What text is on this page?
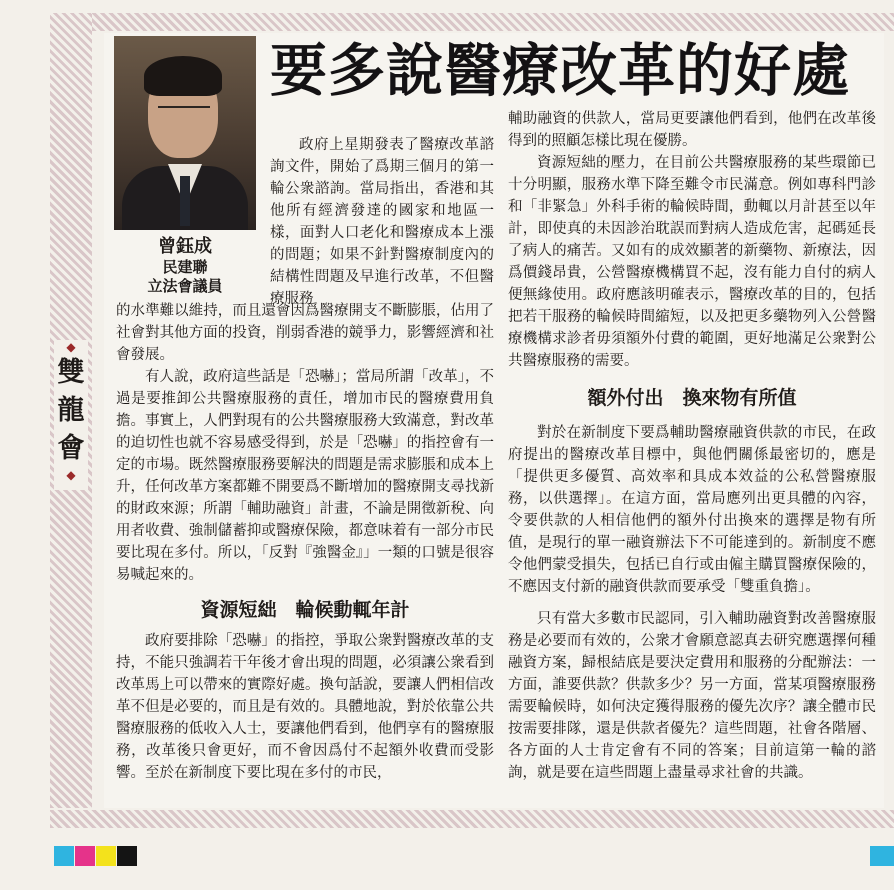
◆
雙
龍
會
◆
曾鈺成
民建聯
立法會議員
要多說醫療改革的好處

政府上星期發表了醫療改革諮詢文件，開始了爲期三個月的第一輪公衆諮詢。當局指出，香港和其他所有經濟發達的國家和地區一樣，面對人口老化和醫療成本上漲的問題；如果不針對醫療制度內的結構性問題及早進行改革，不但醫療服務

的水準難以維持，而且還會因爲醫療開支不斷膨脹，佔用了社會對其他方面的投資，削弱香港的競爭力，影響經濟和社會發展。

有人說，政府這些話是「恐嚇」；當局所謂「改革」，不過是要推卸公共醫療服務的責任，增加市民的醫療費用負擔。事實上，人們對現有的公共醫療服務大致滿意，對改革的迫切性也就不容易感受得到，於是「恐嚇」的指控會有一定的市場。既然醫療服務要解決的問題是需求膨脹和成本上升，任何改革方案都難不開要爲不斷增加的醫療開支尋找新的財政來源；所謂「輔助融資」計畫，不論是開徵新稅、向用者收費、強制儲蓄抑或醫療保險，都意味着有一部分市民要比現在多付。所以，「反對『強醫金』」一類的口號是很容易喊起來的。

資源短絀　輪候動輒年計

政府要排除「恐嚇」的指控，爭取公衆對醫療改革的支持，不能只強調若干年後才會出現的問題，必須讓公衆看到改革馬上可以帶來的實際好處。換句話說，要讓人們相信改革不但是必要的，而且是有效的。具體地說，對於依靠公共醫療服務的低收入人士，要讓他們看到，他們享有的醫療服務，改革後只會更好，而不會因爲付不起額外收費而受影響。至於在新制度下要比現在多付的市民，

輔助融資的供款人，當局更要讓他們看到，他們在改革後得到的照顧怎樣比現在優勝。

資源短絀的壓力，在目前公共醫療服務的某些環節已十分明顯，服務水準下降至難令市民滿意。例如專科門診和「非緊急」外科手術的輪候時間，動輒以月計甚至以年計，即使真的未因診治耽誤而對病人造成危害，起碼延長了病人的痛苦。又如有的成效顯著的新藥物、新療法，因爲價錢昂貴，公營醫療機構買不起，沒有能力自付的病人便無緣使用。政府應該明確表示，醫療改革的目的，包括把若干服務的輪候時間縮短，以及把更多藥物列入公營醫療機構求診者毋須額外付費的範圍，更好地滿足公衆對公共醫療服務的需要。

額外付出　換來物有所值

對於在新制度下要爲輔助醫療融資供款的市民，在政府提出的醫療改革目標中，與他們關係最密切的，應是「提供更多優質、高效率和具成本效益的公私營醫療服務，以供選擇」。在這方面，當局應列出更具體的內容，令要供款的人相信他們的額外付出換來的選擇是物有所值，是現行的單一融資辦法下不可能達到的。新制度不應令他們蒙受損失，包括已自行或由僱主購買醫療保險的，不應因支付新的融資供款而要承受「雙重負擔」。

只有當大多數市民認同，引入輔助融資對改善醫療服務是必要而有效的，公衆才會願意認真去研究應選擇何種融資方案，歸根結底是要決定費用和服務的分配辦法：一方面，誰要供款？供款多少？另一方面，當某項醫療服務需要輪候時，如何決定獲得服務的優先次序？讓全體市民按需要排隊，還是供款者優先？這些問題，社會各階層、各方面的人士肯定會有不同的答案；目前這第一輪的諮詢，就是要在這些問題上盡量尋求社會的共識。
